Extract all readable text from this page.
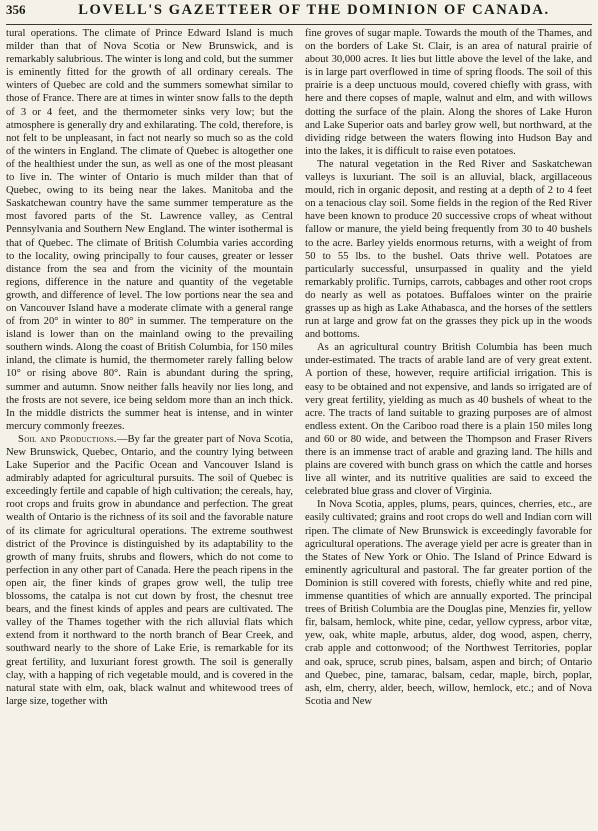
356	LOVELL'S GAZETTEER OF THE DOMINION OF CANADA.

tural operations. The climate of Prince Edward Island is much milder than that of Nova Scotia or New Brunswick, and is remarkably salubrious. The winter is long and cold, but the summer is eminently fitted for the growth of all ordinary cereals. The winters of Quebec are cold and the summers somewhat similar to those of France. There are at times in winter snow falls to the depth of 3 or 4 feet, and the thermometer sinks very low; but the atmosphere is generally dry and exhilarating. The cold, therefore, is not felt to be unpleasant, in fact not nearly so much so as the cold of the winters in England. The climate of Quebec is altogether one of the healthiest under the sun, as well as one of the most pleasant to live in. The winter of Ontario is much milder than that of Quebec, owing to its being near the lakes. Manitoba and the Saskatchewan country have the same summer temperature as the most favored parts of the St. Lawrence valley, as Central Pennsylvania and Southern New England. The winter isothermal is that of Quebec. The climate of British Columbia varies according to the locality, owing principally to four causes, greater or lesser distance from the sea and from the vicinity of the mountain regions, difference in the nature and quantity of the vegetable growth, and difference of level. The low portions near the sea and on Vancouver Island have a moderate climate with a general range of from 20° in winter to 80° in summer. The temperature on the island is lower than on the mainland owing to the prevailing southern winds. Along the coast of British Columbia, for 150 miles inland, the climate is humid, the thermometer rarely falling below 10° or rising above 80°. Rain is abundant during the spring, summer and autumn. Snow neither falls heavily nor lies long, and the frosts are not severe, ice being seldom more than an inch thick. In the middle districts the summer heat is intense, and in winter mercury commonly freezes.

Soil and Productions.—By far the greater part of Nova Scotia, New Brunswick, Quebec, Ontario, and the country lying between Lake Superior and the Pacific Ocean and Vancouver Island is admirably adapted for agricultural pursuits. The soil of Quebec is exceedingly fertile and capable of high cultivation; the cereals, hay, root crops and fruits grow in abundance and perfection. The great wealth of Ontario is the richness of its soil and the favorable nature of its climate for agricultural operations. The extreme southwest district of the Province is distinguished by its adaptability to the growth of many fruits, shrubs and flowers, which do not come to perfection in any other part of Canada. Here the peach ripens in the open air, the finer kinds of grapes grow well, the tulip tree blossoms, the catalpa is not cut down by frost, the chesnut tree bears, and the finest kinds of apples and pears are cultivated. The valley of the Thames together with the rich alluvial flats which extend from it northward to the north branch of Bear Creek, and southward nearly to the shore of Lake Erie, is remarkable for its great fertility, and luxuriant forest growth. The soil is generally clay, with a happing of rich vegetable mould, and is covered in the natural state with elm, oak, black walnut and whitewood trees of large size, together with

fine groves of sugar maple. Towards the mouth of the Thames, and on the borders of Lake St. Clair, is an area of natural prairie of about 30,000 acres. It lies but little above the level of the lake, and is in large part overflowed in time of spring floods. The soil of this prairie is a deep unctuous mould, covered chiefly with grass, with here and there copses of maple, walnut and elm, and with willows dotting the surface of the plain. Along the shores of Lake Huron and Lake Superior oats and barley grow well, but northward, at the dividing ridge between the waters flowing into Hudson Bay and into the lakes, it is difficult to raise even potatoes.

The natural vegetation in the Red River and Saskatchewan valleys is luxuriant. The soil is an alluvial, black, argillaceous mould, rich in organic deposit, and resting at a depth of 2 to 4 feet on a tenacious clay soil. Some fields in the region of the Red River have been known to produce 20 successive crops of wheat without fallow or manure, the yield being frequently from 30 to 40 bushels to the acre. Barley yields enormous returns, with a weight of from 50 to 55 lbs. to the bushel. Oats thrive well. Potatoes are particularly successful, unsurpassed in quality and the yield remarkably prolific. Turnips, carrots, cabbages and other root crops do nearly as well as potatoes. Buffaloes winter on the prairie grasses up as high as Lake Athabasca, and the horses of the settlers run at large and grow fat on the grasses they pick up in the woods and bottoms.

As an agricultural country British Columbia has been much under-estimated. The tracts of arable land are of very great extent. A portion of these, however, require artificial irrigation. This is easy to be obtained and not expensive, and lands so irrigated are of very great fertility, yielding as much as 40 bushels of wheat to the acre. The tracts of land suitable to grazing purposes are of almost endless extent. On the Cariboo road there is a plain 150 miles long and 60 or 80 wide, and between the Thompson and Fraser Rivers there is an immense tract of arable and grazing land. The hills and plains are covered with bunch grass on which the cattle and horses live all winter, and its nutritive qualities are said to exceed the celebrated blue grass and clover of Virginia.

In Nova Scotia, apples, plums, pears, quinces, cherries, etc., are easily cultivated; grains and root crops do well and Indian corn will ripen. The climate of New Brunswick is exceedingly favorable for agricultural operations. The average yield per acre is greater than in the States of New York or Ohio. The Island of Prince Edward is eminently agricultural and pastoral. The far greater portion of the Dominion is still covered with forests, chiefly white and red pine, immense quantities of which are annually exported. The principal trees of British Columbia are the Douglas pine, Menzies fir, yellow fir, balsam, hemlock, white pine, cedar, yellow cypress, arbor vitæ, yew, oak, white maple, arbutus, alder, dog wood, aspen, cherry, crab apple and cottonwood; of the Northwest Territories, poplar and oak, spruce, scrub pines, balsam, aspen and birch; of Ontario and Quebec, pine, tamarac, balsam, cedar, maple, birch, poplar, ash, elm, cherry, alder, beech, willow, hemlock, etc.; and of Nova Scotia and New
